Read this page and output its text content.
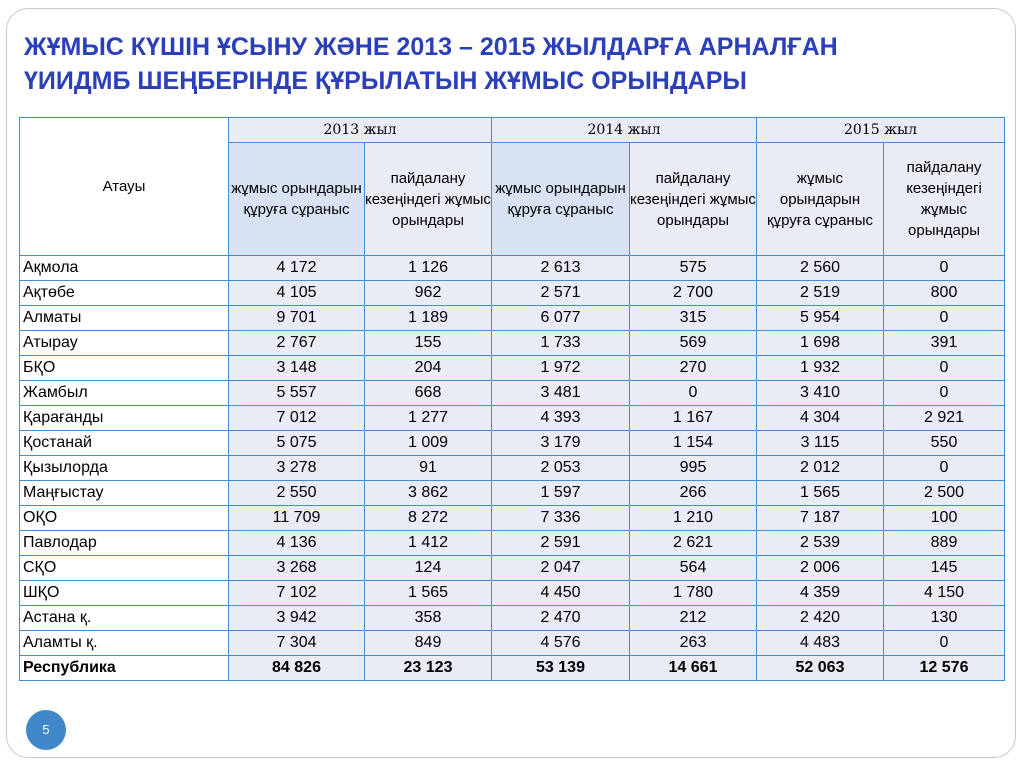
ЖҰМЫС КҮШІН ҰСЫНУ ЖӘНЕ 2013 – 2015 ЖЫЛДАРҒА АРНАЛҒАН
ҮИИДМБ ШЕҢБЕРІНДЕ ҚҰРЫЛАТЫН ЖҰМЫС ОРЫНДАРЫ
Атауы	2013 жыл		2014 жыл		2015 жыл	
	жұмыс орындарын құруға сұраныс	пайдалану кезеңіндегі жұмыс орындары	жұмыс орындарын құруға сұраныс	пайдалану кезеңіндегі жұмыс орындары	жұмыс орындарын құруға сұраныс	пайдалану кезеңіндегі жұмыс орындары
Ақмола	4 172	1 126	2 613	575	2 560	0
Ақтөбе	4 105	962	2 571	2 700	2 519	800
Алматы	9 701	1 189	6 077	315	5 954	0
Атырау	2 767	155	1 733	569	1 698	391
БҚО	3 148	204	1 972	270	1 932	0
Жамбыл	5 557	668	3 481	0	3 410	0
Қарағанды	7 012	1 277	4 393	1 167	4 304	2 921
Қостанай	5 075	1 009	3 179	1 154	3 115	550
Қызылорда	3 278	91	2 053	995	2 012	0
Маңғыстау	2 550	3 862	1 597	266	1 565	2 500
ОҚО	11 709	8 272	7 336	1 210	7 187	100
Павлодар	4 136	1 412	2 591	2 621	2 539	889
СҚО	3 268	124	2 047	564	2 006	145
ШҚО	7 102	1 565	4 450	1 780	4 359	4 150
Астана қ.	3 942	358	2 470	212	2 420	130
Аламты қ.	7 304	849	4 576	263	4 483	0
Республика	84 826	23 123	53 139	14 661	52 063	12 576
5
